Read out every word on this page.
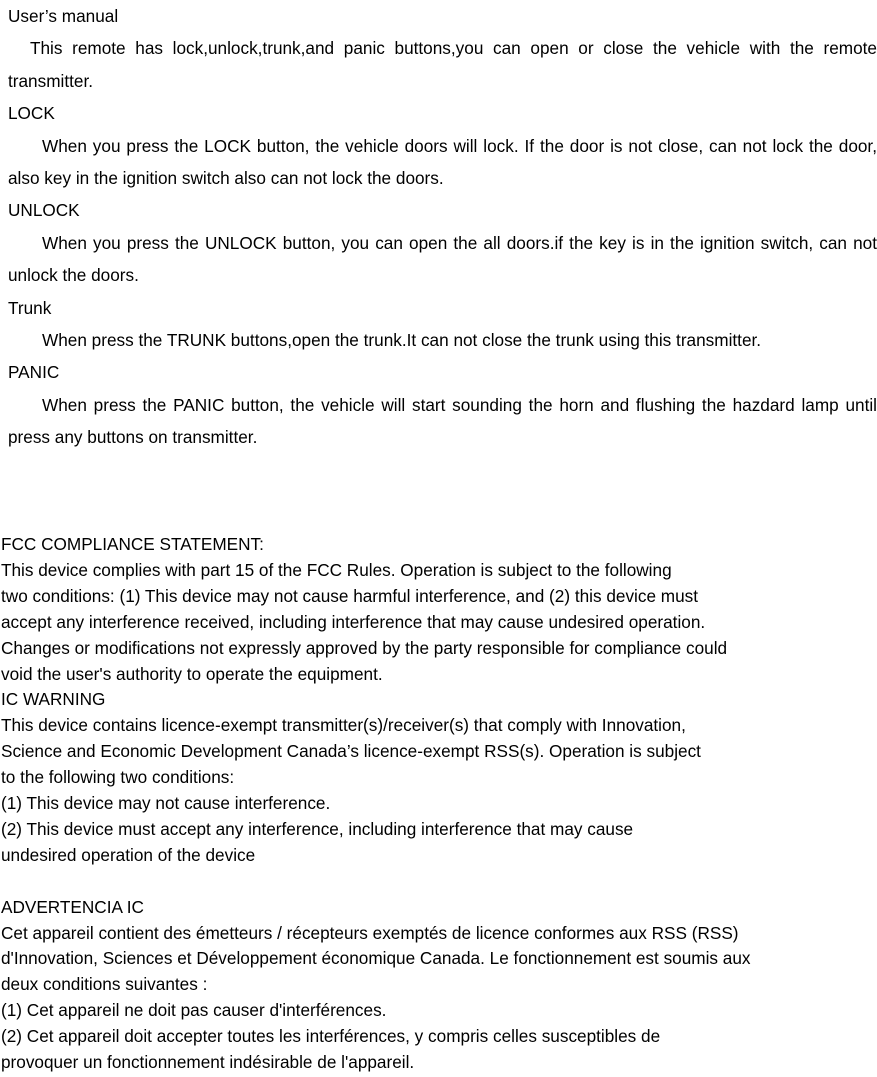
User’s manual

This remote has lock,unlock,trunk,and panic buttons,you can open or close the vehicle with the remote transmitter.

LOCK

When you press the LOCK button, the vehicle doors will lock. If the door is not close, can not lock the door, also key in the ignition switch also can not lock the doors.

UNLOCK

When you press the UNLOCK button, you can open the all doors.if the key is in the ignition switch, can not unlock the doors.

Trunk

When press the TRUNK buttons,open the trunk.It can not close the trunk using this transmitter.

PANIC

When press the PANIC button, the vehicle will start sounding the horn and flushing the hazdard lamp until press any buttons on transmitter.

FCC COMPLIANCE STATEMENT:

This device complies with part 15 of the FCC Rules. Operation is subject to the following

two conditions: (1) This device may not cause harmful interference, and (2) this device must

accept any interference received, including interference that may cause undesired operation.

Changes or modifications not expressly approved by the party responsible for compliance could

void the user's authority to operate the equipment.

IC WARNING

This device contains licence-exempt transmitter(s)/receiver(s) that comply with Innovation,

Science and Economic Development Canada’s licence-exempt RSS(s). Operation is subject

to the following two conditions:

(1) This device may not cause interference.

(2) This device must accept any interference, including interference that may cause

undesired operation of the device

ADVERTENCIA IC

Cet appareil contient des émetteurs / récepteurs exemptés de licence conformes aux RSS (RSS)

d'Innovation, Sciences et Développement économique Canada. Le fonctionnement est soumis aux

deux conditions suivantes :

(1) Cet appareil ne doit pas causer d'interférences.

(2) Cet appareil doit accepter toutes les interférences, y compris celles susceptibles de

provoquer un fonctionnement indésirable de l'appareil.
